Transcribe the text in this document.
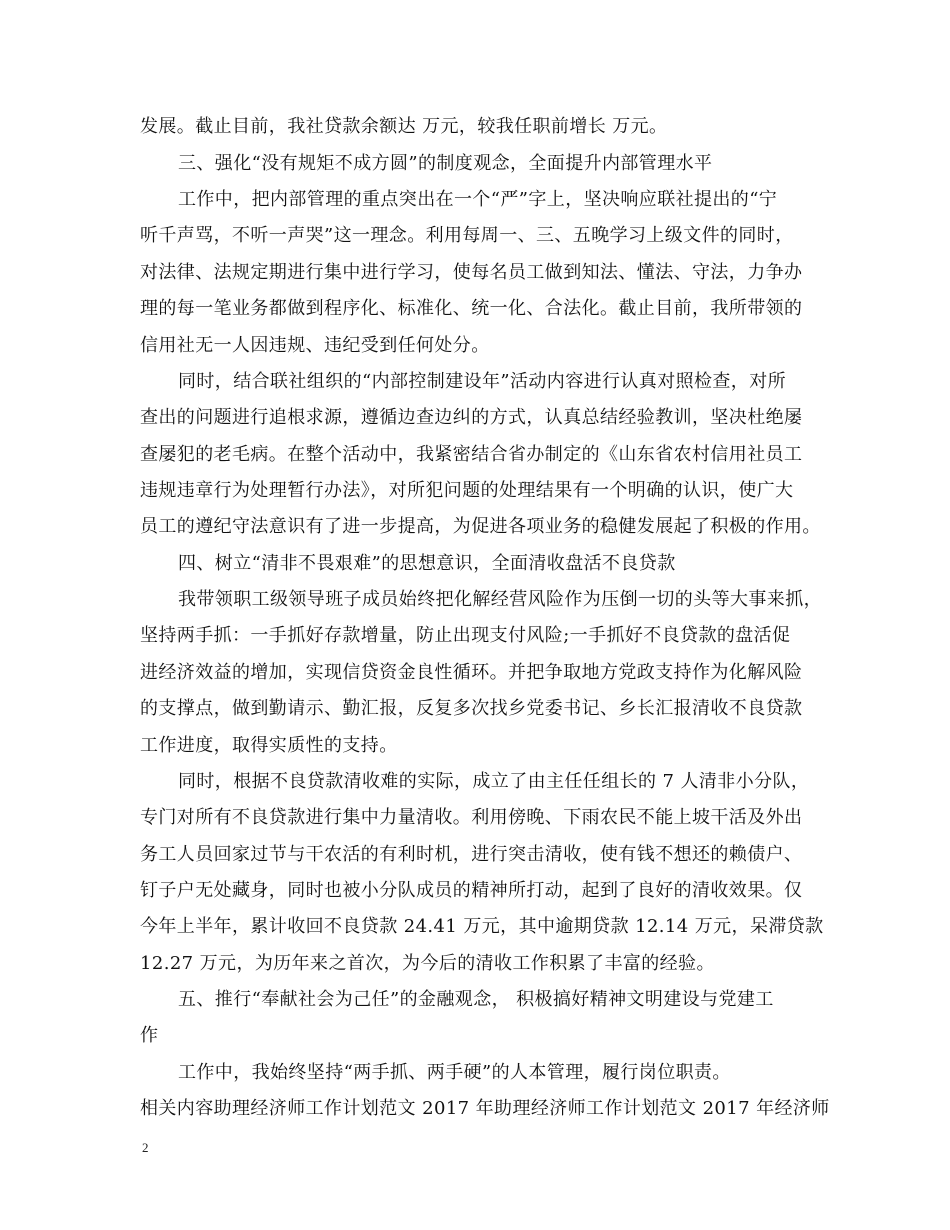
发展。截止目前，我社贷款余额达 万元，较我任职前增长 万元。
三、强化“没有规矩不成方圆”的制度观念，全面提升内部管理水平
工作中，把内部管理的重点突出在一个“严”字上，坚决响应联社提出的“宁
听千声骂，不听一声哭”这一理念。利用每周一、三、五晚学习上级文件的同时，
对法律、法规定期进行集中进行学习，使每名员工做到知法、懂法、守法，力争办
理的每一笔业务都做到程序化、标准化、统一化、合法化。截止目前，我所带领的
信用社无一人因违规、违纪受到任何处分。
同时，结合联社组织的“内部控制建设年”活动内容进行认真对照检查，对所
查出的问题进行追根求源，遵循边查边纠的方式，认真总结经验教训，坚决杜绝屡
查屡犯的老毛病。在整个活动中，我紧密结合省办制定的《山东省农村信用社员工
违规违章行为处理暂行办法》，对所犯问题的处理结果有一个明确的认识，使广大
员工的遵纪守法意识有了进一步提高，为促进各项业务的稳健发展起了积极的作用。
四、树立“清非不畏艰难”的思想意识，全面清收盘活不良贷款
我带领职工级领导班子成员始终把化解经营风险作为压倒一切的头等大事来抓，
坚持两手抓：一手抓好存款增量，防止出现支付风险;一手抓好不良贷款的盘活促
进经济效益的增加，实现信贷资金良性循环。并把争取地方党政支持作为化解风险
的支撑点，做到勤请示、勤汇报，反复多次找乡党委书记、乡长汇报清收不良贷款
工作进度，取得实质性的支持。
同时，根据不良贷款清收难的实际，成立了由主任任组长的 7 人清非小分队，
专门对所有不良贷款进行集中力量清收。利用傍晚、下雨农民不能上坡干活及外出
务工人员回家过节与干农活的有利时机，进行突击清收，使有钱不想还的赖债户、
钉子户无处藏身，同时也被小分队成员的精神所打动，起到了良好的清收效果。仅
今年上半年，累计收回不良贷款 24.41 万元，其中逾期贷款 12.14 万元，呆滞贷款
12.27 万元，为历年来之首次，为今后的清收工作积累了丰富的经验。
五、推行“奉献社会为己任”的金融观念， 积极搞好精神文明建设与党建工
作
工作中，我始终坚持“两手抓、两手硬”的人本管理，履行岗位职责。
相关内容助理经济师工作计划范文 2017 年助理经济师工作计划范文 2017 年经济师
2
